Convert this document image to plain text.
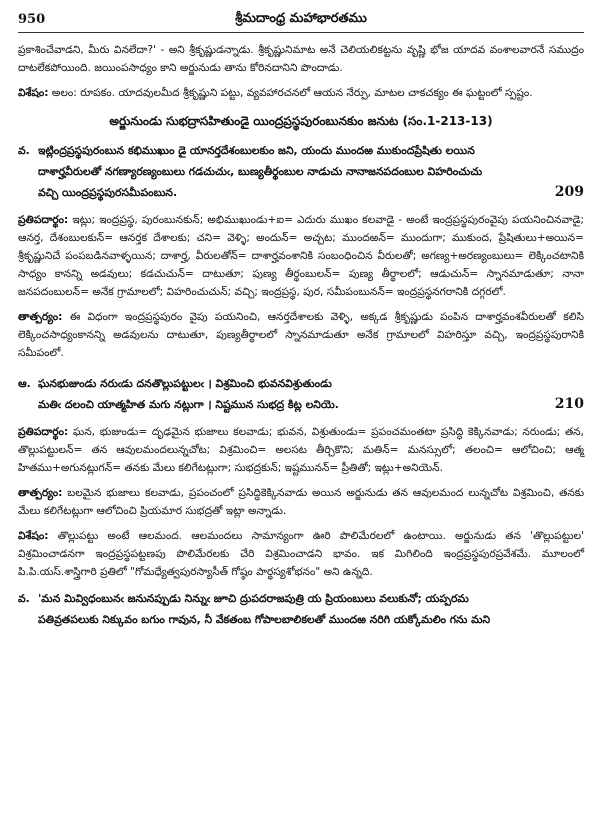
950	శ్రీమదాంధ్ర మహాభారతము

ప్రకాశించేవాడని, మీరు వినలేదా?' - అని శ్రీకృష్ణుడన్నాడు. శ్రీకృష్ణునిమాట అనే చెలియలికట్టను వృష్ణి భోజ యాదవ వంశాలవారనే సముద్రం దాటలేకపోయింది. జయింపసాధ్యం కాని అర్జునుడు తాను కోరినదానిని పొందాడు.

విశేషం: అలం: రూపకం. యాదవులమీద శ్రీకృష్ణుని పట్టు, వ్యవహారచనలో ఆయన నేర్పు, మాటల చాకచక్యం ఈ ఘట్టంలో స్పష్టం.

అర్జునుండు సుభద్రాసహితుండై యింద్రప్రస్థపురంబునకుం జనుట (సం.1-213-13)
వ. ఇట్లింద్రప్రస్థపురంబున కభిముఖుం డై యానర్తదేశంబులకుం జని, యందు ముందఱ ముకుందప్రేషితు లయిన
దాశార్హవీరులతో నగణ్యారణ్యంబులు గడచుచుఁ, బుణ్యతీర్థంబుల నాడుచు నానాజనపదంబుల విహరించుచు
వచ్చి యింద్రప్రస్థపురసమీపంబున.	209

ప్రతిపదార్థం: ఇట్లు; ఇంద్రప్రస్థ, పురంబునకున్; అభిముఖుండు+ఐ= ఎదురు ముఖం కలవాడై - అంటే ఇంద్రప్రస్థపురంవైపు పయనించినవాడై; ఆనర్త, దేశంబులకున్= ఆనర్తక దేశాలకు; చని= వెళ్ళి; అందున్= అచ్చట; ముందఱన్= ముందుగా; ముకుంద, ప్రేషితులు+అయిన= శ్రీకృష్ణునిచే పంపబడినవాళ్ళయిన; దాశార్హ, వీరులతోన్= దాశార్హవంశానికి సంబంధించిన వీరులతో; అగణ్య+అరణ్యంబులు= లెక్కించటానికి సాధ్యం కానన్ని అడవులు; కడచుచున్= దాటుతూ; పుణ్య తీర్థంబులన్= పుణ్య తీర్థాలలో; ఆడుచున్= స్నానమాడుతూ; నానా జనపదంబులన్= అనేక గ్రామాలలో; విహరించుచున్; వచ్చి; ఇంద్రప్రస్థ, పుర, సమీపంబునన్= ఇంద్రప్రస్థనగరానికి దగ్గరలో.

తాత్పర్యం: ఈ విధంగా ఇంద్రప్రస్థపురం వైపు పయనించి, ఆనర్తదేశాలకు వెళ్ళి, అక్కడ శ్రీకృష్ణుడు పంపిన దాశార్హవంశవీరులతో కలిసి లెక్కించసాధ్యంకానన్ని అడవులను దాటుతూ, పుణ్యతీర్థాలలో స్నానమాడుతూ అనేక గ్రామాలలో విహరిస్తూ వచ్చి, ఇంద్రప్రస్థపురానికి సమీపంలో.

ఆ. ఘనభుజుండు నరుఁడు దనతొల్లుపట్టులఁ । విశ్రమించి భువనవిశ్రుతుండు
మతిఁ దలంచి యాత్మహిత మగు నట్లుగా । నిష్టమున సుభద్ర కిట్ల లనియె.	210

ప్రతిపదార్థం: ఘన, భుజుండు= దృఢమైన భుజాలు కలవాడు; భువన, విశ్రుతుండు= ప్రపంచమంతటా ప్రసిద్ధి కెక్కినవాడు; నరుండు; తన, తొల్లుపట్టులన్= తన ఆవులమందలున్నచోట; విశ్రమించి= అలసట తీర్చికొని; మతిన్= మనస్సులో; తలంచి= ఆలోచించి; ఆత్మ హితము+అగునట్లుగన్= తనకు మేలు కలిగేటట్లుగా; సుభద్రకున్; ఇష్టమునన్= ప్రీతితో; ఇట్లు+అనియెన్.

తాత్పర్యం: బలమైన భుజాలు కలవాడు, ప్రపంచంలో ప్రసిద్ధికెక్కినవాడు అయిన అర్జునుడు తన ఆవులమంద లున్నచోట విశ్రమించి, తనకు మేలు కలిగేటట్లుగా ఆలోచించి ప్రియమార సుభద్రతో ఇట్లా అన్నాడు.

విశేషం: తొల్లుపట్టు అంటే ఆలమంద. ఆలమందలు సామాన్యంగా ఊరి పొలిమేరలలో ఉంటాయి. అర్జునుడు తన 'తొల్లుపట్టుల' విశ్రమించాడనగా ఇంద్రప్రస్థపట్టణపు పొలిమేరలకు చేరి విశ్రమించాడని భావం. ఇక మిగిలింది ఇంద్రప్రస్థపురప్రవేశమే. మూలంలో పి.పి.యస్.శాస్త్రిగారి ప్రతిలో "గోమధ్యేత్వపురస్యాసీత్ గోష్ఠం పార్థస్యశోభనం" అని ఉన్నది.

వ. 'మన మివ్విధంబునఁ జనునప్పుడు నిన్నుఁ జూచి ద్రుపదరాజపుత్రి య ప్రియంబులు వలుకునో; యప్పరమ
పతివ్రతపలుకు నిక్కువం బగుం గావున, నీ వేకతంబ గోపాలబాలికలతో ముందఱ నరిగి యక్కోమలిం గను మని
